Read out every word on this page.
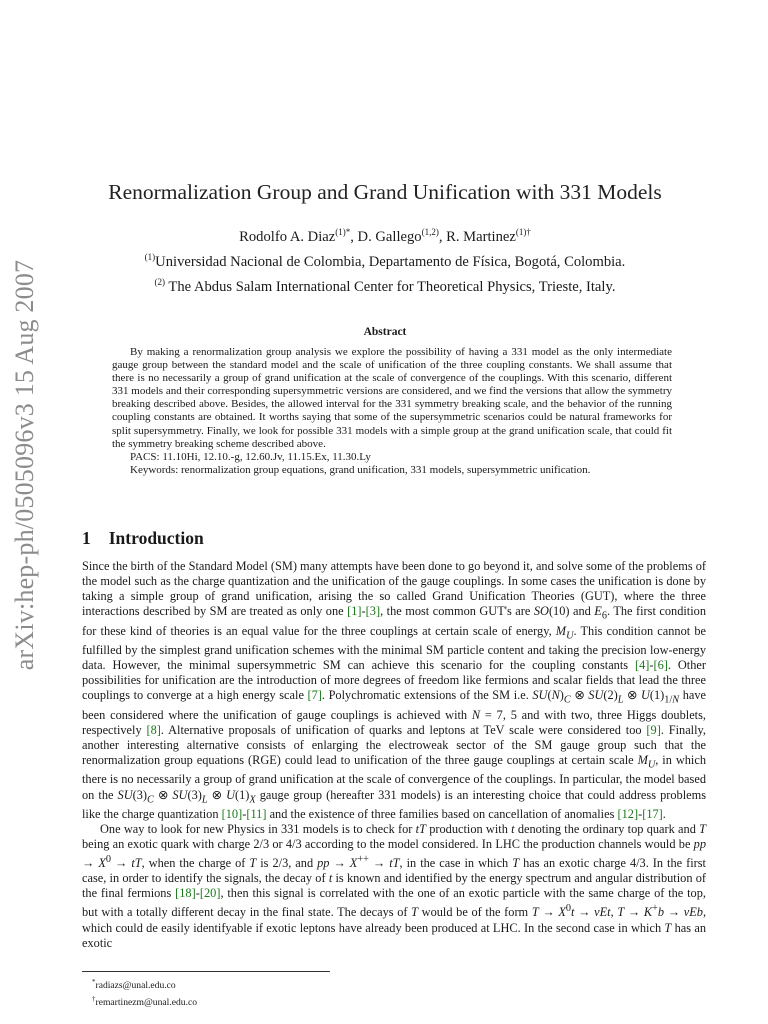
arXiv:hep-ph/0505096v3 15 Aug 2007
Renormalization Group and Grand Unification with 331 Models
Rodolfo A. Diaz$^{(1)*}$, D. Gallego$^{(1,2)}$, R. Martinez$^{(1)\dagger}$
$^{(1)}$Universidad Nacional de Colombia, Departamento de Física, Bogotá, Colombia.
$^{(2)}$ The Abdus Salam International Center for Theoretical Physics, Trieste, Italy.
Abstract

By making a renormalization group analysis we explore the possibility of having a 331 model as the only intermediate gauge group between the standard model and the scale of unification of the three coupling constants. We shall assume that there is no necessarily a group of grand unification at the scale of convergence of the couplings. With this scenario, different 331 models and their corresponding supersymmetric versions are considered, and we find the versions that allow the symmetry breaking described above. Besides, the allowed interval for the 331 symmetry breaking scale, and the behavior of the running coupling constants are obtained. It worths saying that some of the supersymmetric scenarios could be natural frameworks for split supersymmetry. Finally, we look for possible 331 models with a simple group at the grand unification scale, that could fit the symmetry breaking scheme described above.

PACS: 11.10Hi, 12.10.-g, 12.60.Jv, 11.15.Ex, 11.30.Ly
Keywords: renormalization group equations, grand unification, 331 models, supersymmetric unification.
1 Introduction

Since the birth of the Standard Model (SM) many attempts have been done to go beyond it, and solve some of the problems of the model such as the charge quantization and the unification of the gauge couplings. In some cases the unification is done by taking a simple group of grand unification, arising the so called Grand Unification Theories (GUT), where the three interactions described by SM are treated as only one [ 1 ] - [ 3 ] , the most common GUT's are SO(10) and $E_6$. The first condition for these kind of theories is an equal value for the three couplings at certain scale of energy, $M_U$. This condition cannot be fulfilled by the simplest grand unification schemes with the minimal SM particle content and taking the precision low-energy data. However, the minimal supersymmetric SM can achieve this scenario for the coupling constants [ 4 ] - [ 6 ] . Other possibilities for unification are the introduction of more degrees of freedom like fermions and scalar fields that lead the three couplings to converge at a high energy scale [ 7 ] . Polychromatic extensions of the SM i.e. $SU(N)_C$ ⊗ $SU(2)_L$ ⊗ $U(1)_{1/N}$ have been considered where the unification of gauge couplings is achieved with N = 7, 5 and with two, three Higgs doublets, respectively [ 8 ] . Alternative proposals of unification of quarks and leptons at TeV scale were considered too [ 9 ] . Finally, another interesting alternative consists of enlarging the electroweak sector of the SM gauge group such that the renormalization group equations (RGE) could lead to unification of the three gauge couplings at certain scale $M_U$, in which there is no necessarily a group of grand unification at the scale of convergence of the couplings. In particular, the model based on the $SU(3)_C$ ⊗ $SU(3)_L$ ⊗ $U(1)_X$ gauge group (hereafter 331 models) is an interesting choice that could address problems like the charge quantization [ 10 ] - [ 11 ] and the existence of three families based on cancellation of anomalies [ 12 ] - [ 17 ] .

One way to look for new Physics in 331 models is to check for tT production with t denoting the ordinary top quark and T being an exotic quark with charge 2/3 or 4/3 according to the model considered. In LHC the production channels would be pp → $X^0$ → tT, when the charge of T is 2/3, and pp → X++ → tT, in the case in which T has an exotic charge 4/3. In the first case, in order to identify the signals, the decay of t is known and identified by the energy spectrum and angular distribution of the final fermions [ 18 ] - [ 20 ] , then this signal is correlated with the one of an exotic particle with the same charge of the top, but with a totally different decay in the final state. The decays of T would be of the form $T \to X^0t \to \nu Et$, T → K+b → νEb, which could de easily identifyable if exotic leptons have already been produced at LHC. In the second case in which T has an exotic

*radiazs@unal.edu.co
†remartinezm@unal.edu.co
